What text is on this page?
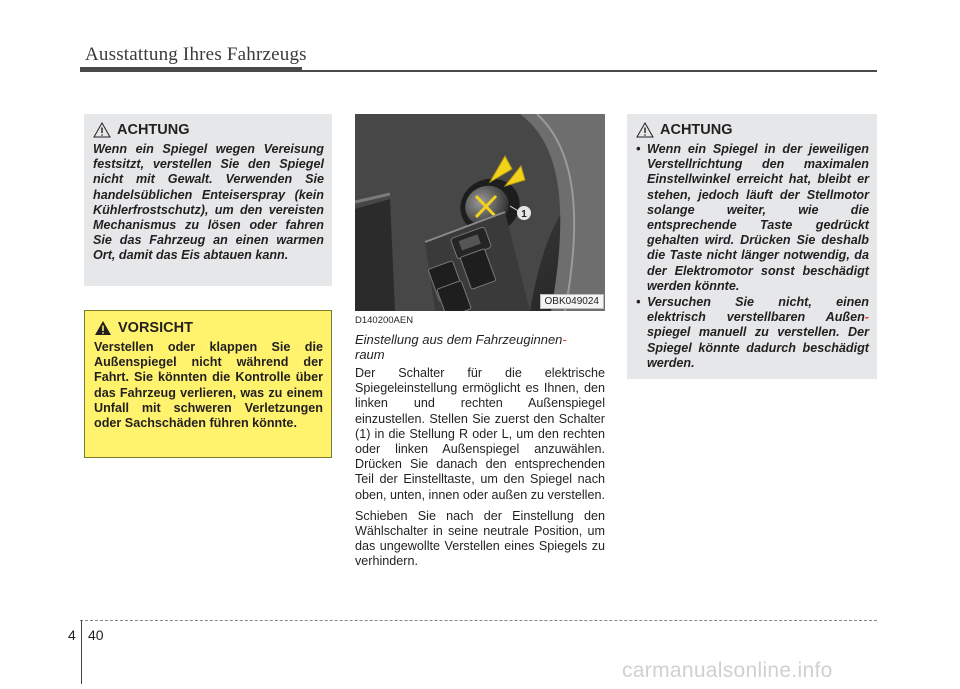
Ausstattung Ihres Fahrzeugs
ACHTUNG
Wenn ein Spiegel wegen Vereisung festsitzt, verstellen Sie den Spiegel nicht mit Gewalt. Verwenden Sie handelsüblichen Enteiserspray (kein Kühlerfrostschutz), um den vereisten Mechanismus zu lösen oder fahren Sie das Fahrzeug an einen warmen Ort, damit das Eis abtauen kann.
VORSICHT
Verstellen oder klappen Sie die Außenspiegel nicht während der Fahrt. Sie könnten die Kontrolle über das Fahrzeug verlieren, was zu einem Unfall mit schweren Verletzungen oder Sachschäden führen könnte.
1
OBK049024
D140200AEN
Einstellung aus dem Fahrzeuginnen-
raum

Der Schalter für die elektrische Spiegeleinstellung ermöglicht es Ihnen, den linken und rechten Außenspiegel einzustellen. Stellen Sie zuerst den Schalter (1) in die Stellung R oder L, um den rechten oder linken Außenspiegel anzuwählen. Drücken Sie danach den entsprechenden Teil der Einstelltaste, um den Spiegel nach oben, unten, innen oder außen zu verstellen.

Schieben Sie nach der Einstellung den Wählschalter in seine neutrale Position, um das ungewollte Verstellen eines Spiegels zu verhindern.

ACHTUNG
• Wenn ein Spiegel in der jeweiligen Verstellrichtung den maximalen Einstellwinkel erreicht hat, bleibt er stehen, jedoch läuft der Stellmotor solange weiter, wie die entsprechende Taste gedrückt gehalten wird. Drücken Sie deshalb die Taste nicht länger notwendig, da der Elektromotor sonst beschädigt werden könnte.
• Versuchen Sie nicht, einen elektrisch verstellbaren Außen-spiegel manuell zu verstellen. Der Spiegel könnte dadurch beschädigt werden.
4 40
carmanualsonline.info
